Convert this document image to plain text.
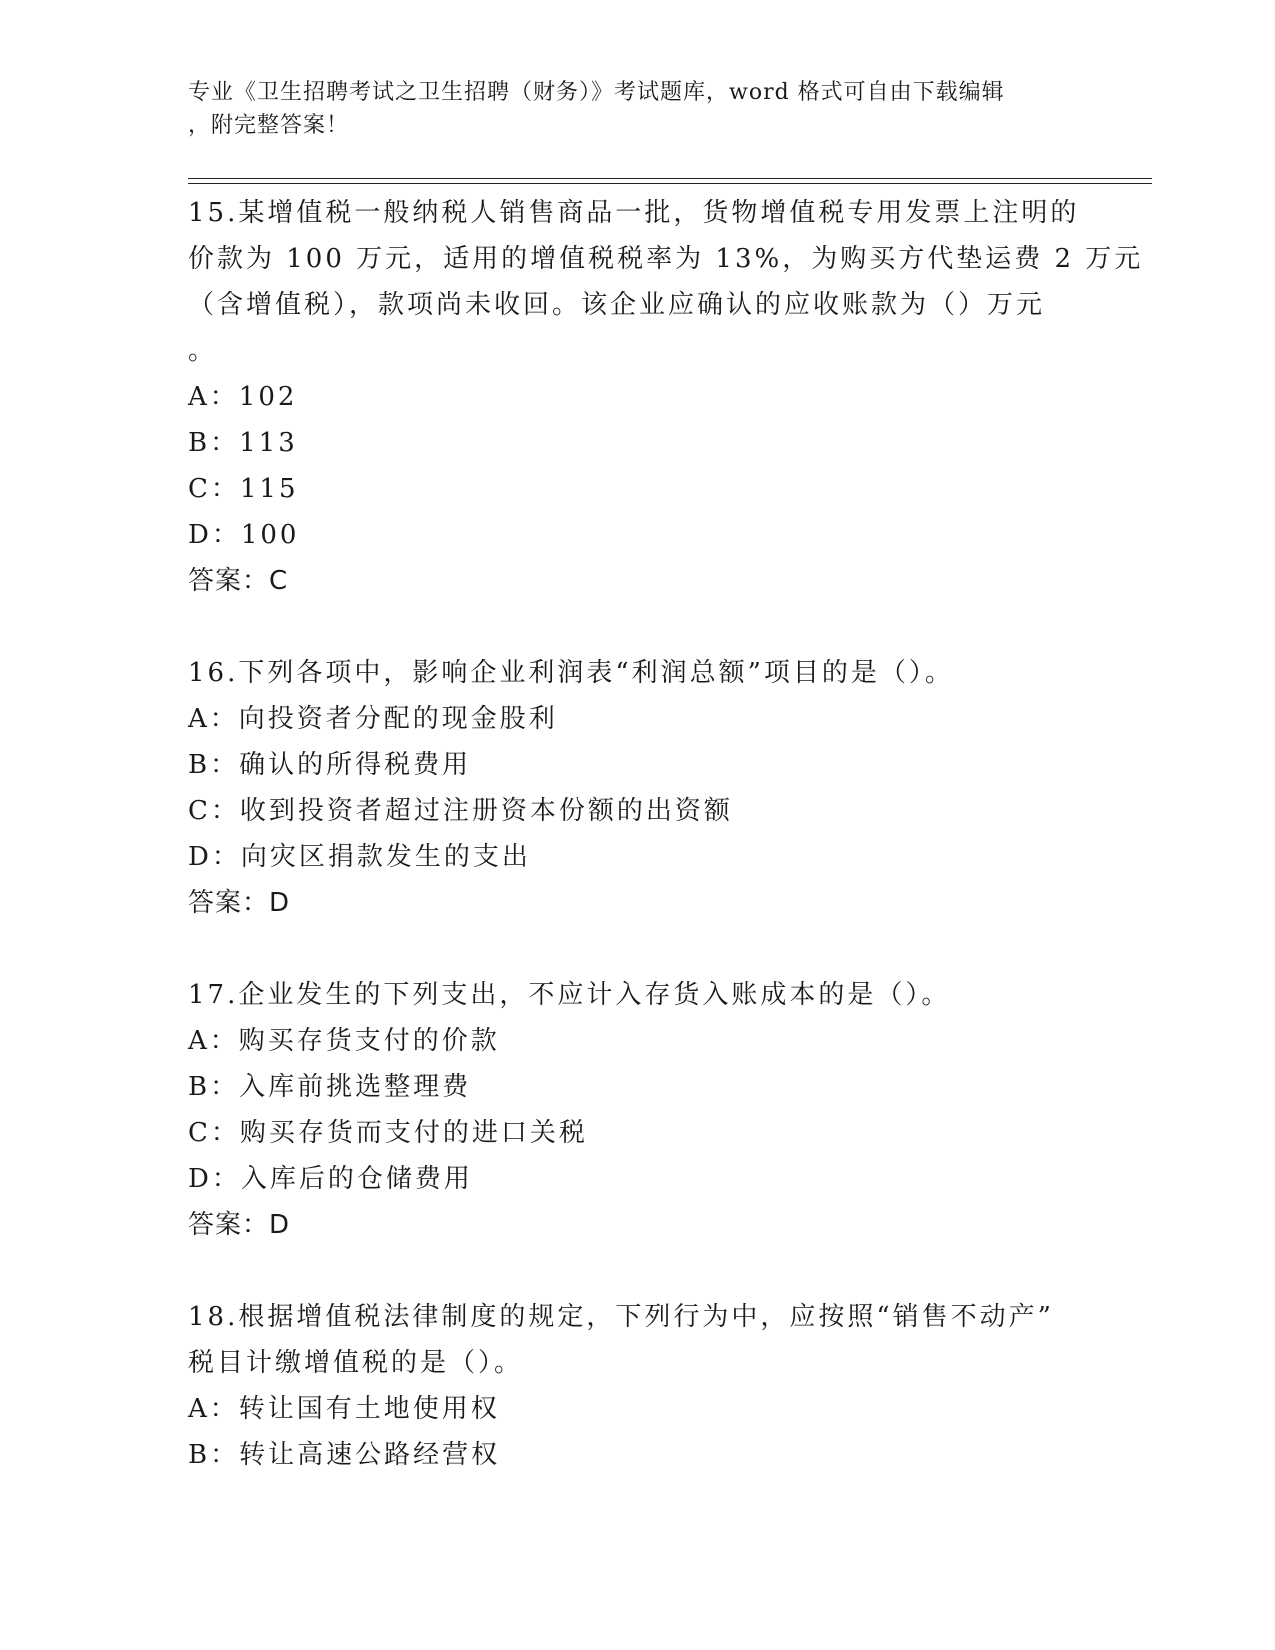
专业《卫生招聘考试之卫生招聘（财务）》考试题库，word 格式可自由下载编辑
，附完整答案！
15.某增值税一般纳税人销售商品一批，货物增值税专用发票上注明的
价款为 100 万元，适用的增值税税率为 13%，为购买方代垫运费 2 万元
（含增值税），款项尚未收回。该企业应确认的应收账款为（）万元
。
A：102
B：113
C：115
D：100
答案：C
16.下列各项中，影响企业利润表“利润总额”项目的是（）。
A：向投资者分配的现金股利
B：确认的所得税费用
C：收到投资者超过注册资本份额的出资额
D：向灾区捐款发生的支出
答案：D
17.企业发生的下列支出，不应计入存货入账成本的是（）。
A：购买存货支付的价款
B：入库前挑选整理费
C：购买存货而支付的进口关税
D：入库后的仓储费用
答案：D
18.根据增值税法律制度的规定，下列行为中，应按照“销售不动产”
税目计缴增值税的是（）。
A：转让国有土地使用权
B：转让高速公路经营权
